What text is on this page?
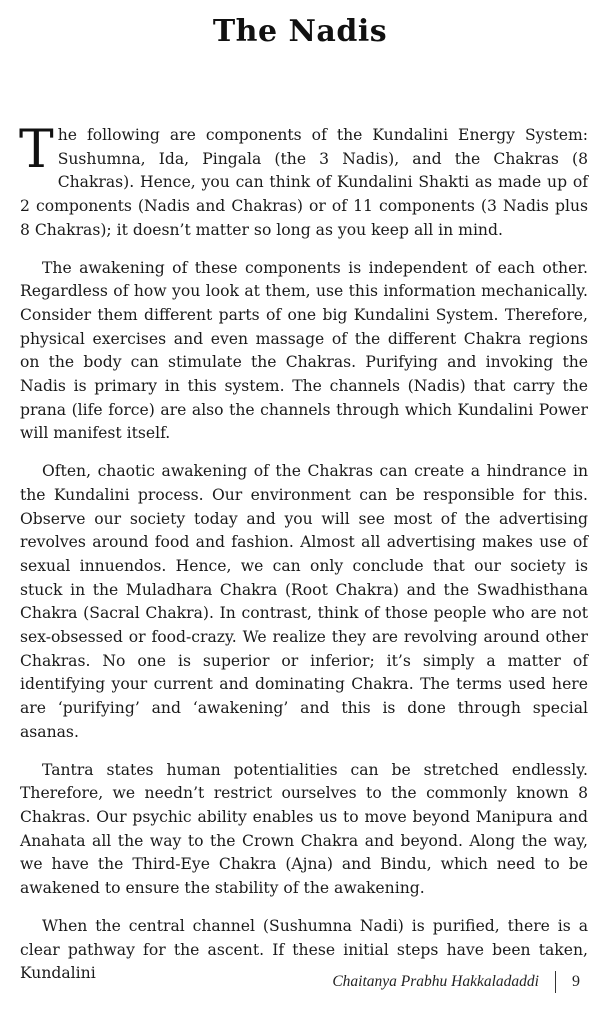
The Nadis

The following are components of the Kundalini Energy System: Sushumna, Ida, Pingala (the 3 Nadis), and the Chakras (8 Chakras). Hence, you can think of Kundalini Shakti as made up of 2 components (Nadis and Chakras) or of 11 components (3 Nadis plus 8 Chakras); it doesn’t matter so long as you keep all in mind.

The awakening of these components is independent of each other. Regardless of how you look at them, use this information mechanically. Consider them different parts of one big Kundalini System. Therefore, physical exercises and even massage of the different Chakra regions on the body can stimulate the Chakras. Purifying and invoking the Nadis is primary in this system. The channels (Nadis) that carry the prana (life force) are also the channels through which Kundalini Power will manifest itself.

Often, chaotic awakening of the Chakras can create a hindrance in the Kundalini process. Our environment can be responsible for this. Observe our society today and you will see most of the advertising revolves around food and fashion. Almost all advertising makes use of sexual innuendos. Hence, we can only conclude that our society is stuck in the Muladhara Chakra (Root Chakra) and the Swadhisthana Chakra (Sacral Chakra). In contrast, think of those people who are not sex-obsessed or food-crazy. We realize they are revolving around other Chakras. No one is superior or inferior; it’s simply a matter of identifying your current and dominating Chakra. The terms used here are ‘purifying’ and ‘awakening’ and this is done through special asanas.

Tantra states human potentialities can be stretched endlessly. Therefore, we needn’t restrict ourselves to the commonly known 8 Chakras. Our psychic ability enables us to move beyond Manipura and Anahata all the way to the Crown Chakra and beyond. Along the way, we have the Third-Eye Chakra (Ajna) and Bindu, which need to be awakened to ensure the stability of the awakening.

When the central channel (Sushumna Nadi) is purified, there is a clear pathway for the ascent. If these initial steps have been taken, Kundalini	Chaitanya Prabhu Hakkaladaddi 9
